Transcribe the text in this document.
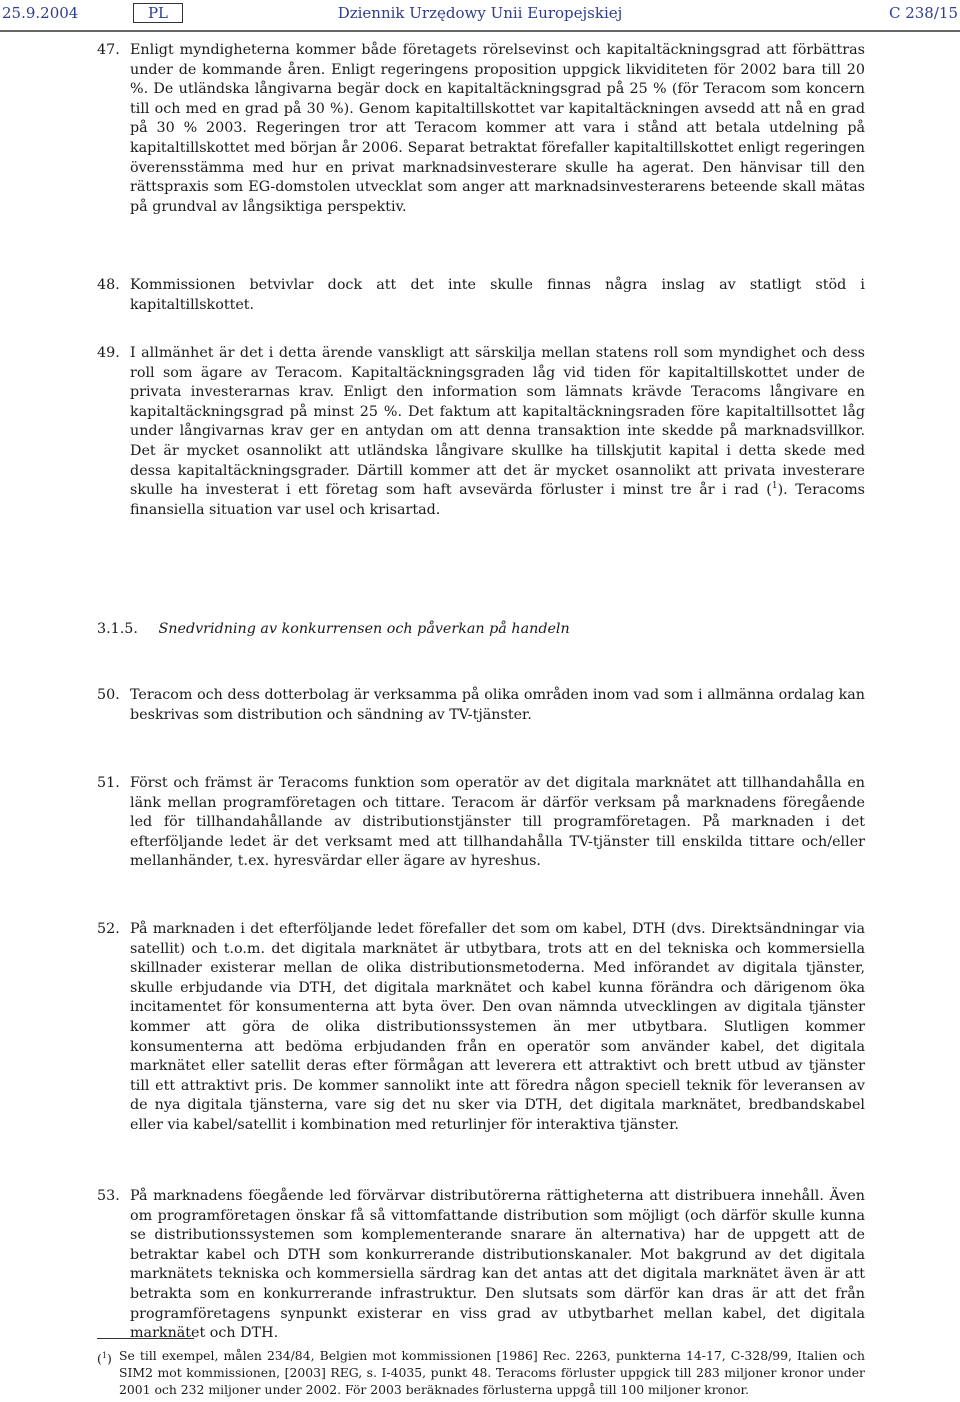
25.9.2004	PL	Dziennik Urzędowy Unii Europejskiej	C 238/15
47. Enligt myndigheterna kommer både företagets rörelsevinst och kapitaltäckningsgrad att förbättras under de kommande åren. Enligt regeringens proposition uppgick likviditeten för 2002 bara till 20 %. De utländska långivarna begär dock en kapitaltäckningsgrad på 25 % (för Teracom som koncern till och med en grad på 30 %). Genom kapitaltillskottet var kapitaltäckningen avsedd att nå en grad på 30 % 2003. Regeringen tror att Teracom kommer att vara i stånd att betala utdelning på kapitaltillskottet med början år 2006. Separat betraktat förefaller kapitaltillskottet enligt regeringen överensstämma med hur en privat marknadsinvesterare skulle ha agerat. Den hänvisar till den rättspraxis som EG-domstolen utvecklat som anger att marknadsinvesterarens beteende skall mätas på grundval av långsiktiga perspektiv.
48. Kommissionen betvivlar dock att det inte skulle finnas några inslag av statligt stöd i kapitaltillskottet.
49. I allmänhet är det i detta ärende vanskligt att särskilja mellan statens roll som myndighet och dess roll som ägare av Teracom. Kapitaltäckningsgraden låg vid tiden för kapitaltillskottet under de privata investerarnas krav. Enligt den information som lämnats krävde Teracoms långivare en kapitaltäckningsgrad på minst 25 %. Det faktum att kapitaltäckningsraden före kapitaltillsottet låg under långivarnas krav ger en antydan om att denna transaktion inte skedde på marknadsvillkor. Det är mycket osannolikt att utländska långivare skullke ha tillskjutit kapital i detta skede med dessa kapitaltäckningsgrader. Därtill kommer att det är mycket osannolikt att privata investerare skulle ha investerat i ett företag som haft avsevärda förluster i minst tre år i rad ($^1$). Teracoms finansiella situation var usel och krisartad.
3.1.5. Snedvridning av konkurrensen och påverkan på handeln
50. Teracom och dess dotterbolag är verksamma på olika områden inom vad som i allmänna ordalag kan beskrivas som distribution och sändning av TV-tjänster.
51. Först och främst är Teracoms funktion som operatör av det digitala marknätet att tillhandahålla en länk mellan programföretagen och tittare. Teracom är därför verksam på marknadens föregående led för tillhandahållande av distributionstjänster till programföretagen. På marknaden i det efterföljande ledet är det verksamt med att tillhandahålla TV-tjänster till enskilda tittare och/eller mellanhänder, t.ex. hyresvärdar eller ägare av hyreshus.
52. På marknaden i det efterföljande ledet förefaller det som om kabel, DTH (dvs. Direktsändningar via satellit) och t.o.m. det digitala marknätet är utbytbara, trots att en del tekniska och kommersiella skillnader existerar mellan de olika distributionsmetoderna. Med införandet av digitala tjänster, skulle erbjudande via DTH, det digitala marknätet och kabel kunna förändra och därigenom öka incitamentet för konsumenterna att byta över. Den ovan nämnda utvecklingen av digitala tjänster kommer att göra de olika distributionssystemen än mer utbytbara. Slutligen kommer konsumenterna att bedöma erbjudanden från en operatör som använder kabel, det digitala marknätet eller satellit deras efter förmågan att leverera ett attraktivt och brett utbud av tjänster till ett attraktivt pris. De kommer sannolikt inte att föredra någon speciell teknik för leveransen av de nya digitala tjänsterna, vare sig det nu sker via DTH, det digitala marknätet, bredbandskabel eller via kabel/satellit i kombination med returlinjer för interaktiva tjänster.
53. På marknadens föegående led förvärvar distributörerna rättigheterna att distribuera innehåll. Även om programföretagen önskar få så vittomfattande distribution som möjligt (och därför skulle kunna se distributionssystemen som komplementerande snarare än alternativa) har de uppgett att de betraktar kabel och DTH som konkurrerande distributionskanaler. Mot bakgrund av det digitala marknätets tekniska och kommersiella särdrag kan det antas att det digitala marknätet även är att betrakta som en konkurrerande infrastruktur. Den slutsats som därför kan dras är att det från programföretagens synpunkt existerar en viss grad av utbytbarhet mellan kabel, det digitala marknätet och DTH.
($^1$) Se till exempel, målen 234/84, Belgien mot kommissionen [1986] Rec. 2263, punkterna 14-17, C-328/99, Italien och SIM2 mot kommissionen, [2003] REG, s. I-4035, punkt 48. Teracoms förluster uppgick till 283 miljoner kronor under 2001 och 232 miljoner under 2002. För 2003 beräknades förlusterna uppgå till 100 miljoner kronor.
